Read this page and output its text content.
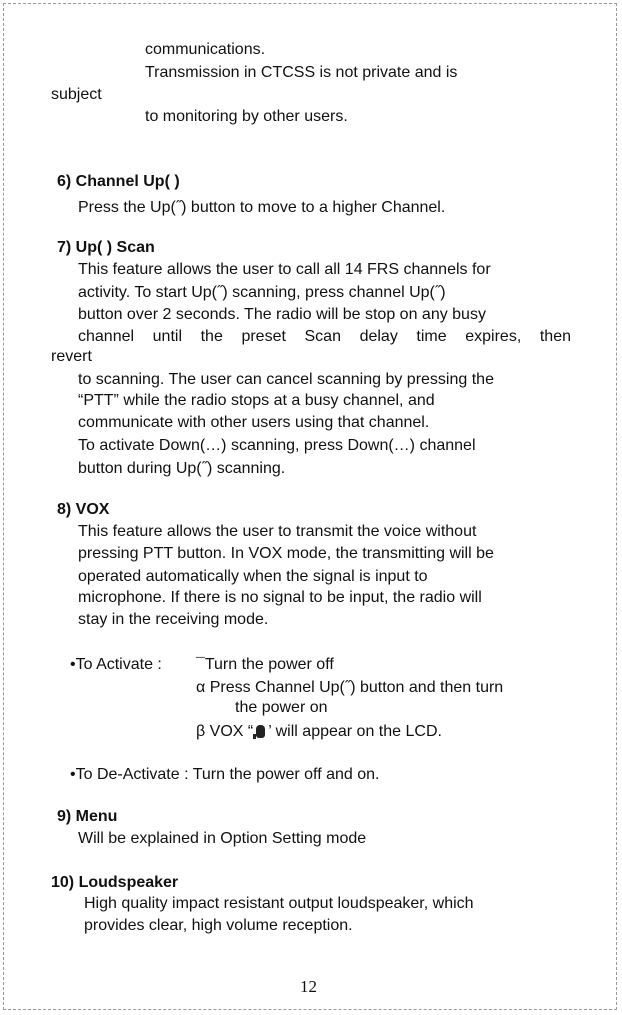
communications.
Transmission in CTCSS is not private and is
subject
to monitoring by other users.
6) Channel Up( )
Press the Up(˝) button to move to a higher Channel.
7) Up( ) Scan
This feature allows the user to call all 14 FRS channels for
activity. To start Up(˝) scanning, press channel Up(˝)
button over 2 seconds. The radio will be stop on any busy
channel until the preset Scan delay time expires, then
revert
to scanning. The user can cancel scanning by pressing the
“PTT” while the radio stops at a busy channel, and
communicate with other users using that channel.
To activate Down(…) scanning, press Down(…) channel
button during Up(˝) scanning.
8) VOX
This feature allows the user to transmit the voice without
pressing PTT button. In VOX mode, the transmitting will be
operated automatically when the signal is input to
microphone. If there is no signal to be input, the radio will
stay in the receiving mode.
•To Activate : ¯Turn the power off
α Press Channel Up(˝) button and then turn
the power on
β VOX “ ’ will appear on the LCD.
•To De-Activate : Turn the power off and on.
9) Menu
Will be explained in Option Setting mode
10) Loudspeaker
High quality impact resistant output loudspeaker, which
provides clear, high volume reception.
12
